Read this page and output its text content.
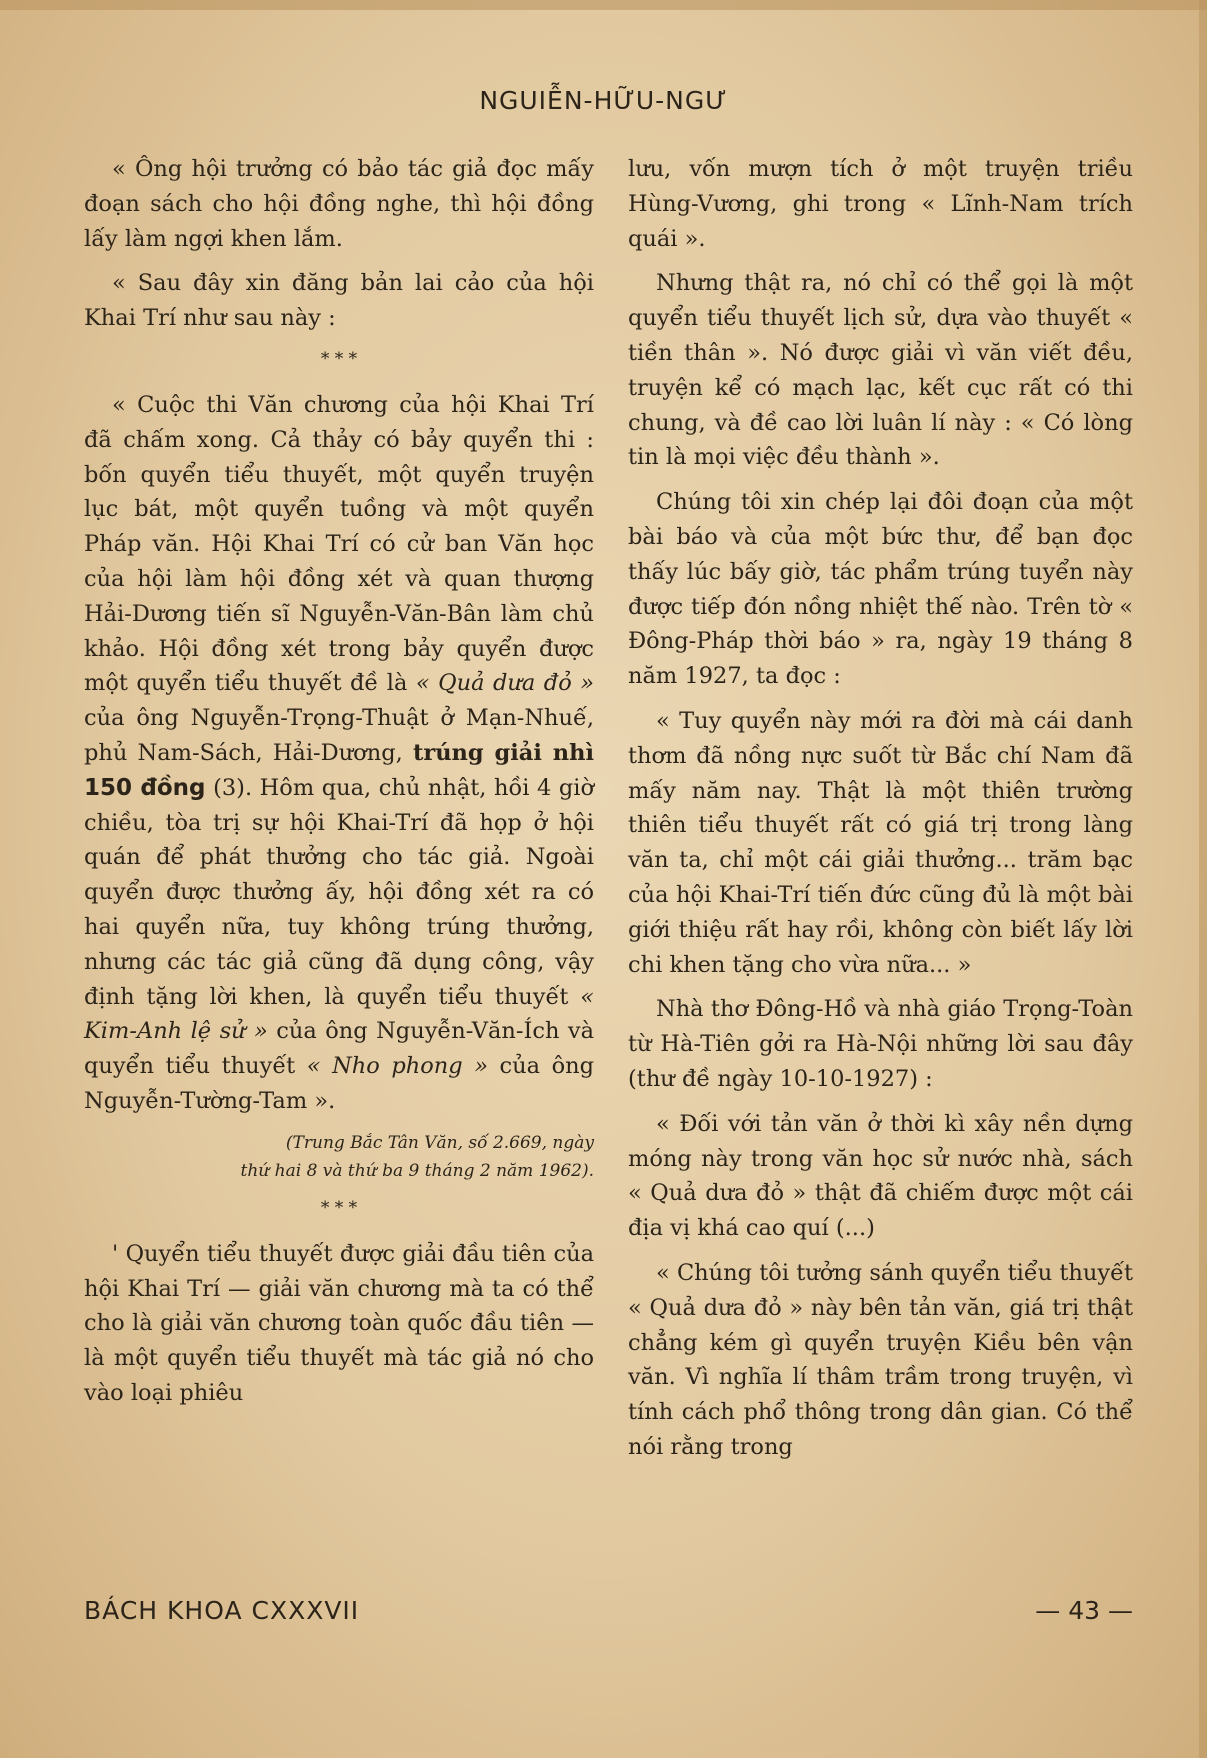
NGUIỄN-HỮU-NGƯ

« Ông hội trưởng có bảo tác giả đọc mấy đoạn sách cho hội đồng nghe, thì hội đồng lấy làm ngợi khen lắm.

« Sau đây xin đăng bản lai cảo của hội Khai Trí như sau này :

* * *

« Cuộc thi Văn chương của hội Khai Trí đã chấm xong. Cả thảy có bảy quyển thi : bốn quyển tiểu thuyết, một quyển truyện lục bát, một quyển tuồng và một quyển Pháp văn. Hội Khai Trí có cử ban Văn học của hội làm hội đồng xét và quan thượng Hải-Dương tiến sĩ Nguyễn-Văn-Bân làm chủ khảo. Hội đồng xét trong bảy quyển được một quyển tiểu thuyết đề là « Quả dưa đỏ » của ông Nguyễn-Trọng-Thuật ở Mạn-Nhuế, phủ Nam-Sách, Hải-Dương, trúng giải nhì 150 đồng (3). Hôm qua, chủ nhật, hồi 4 giờ chiều, tòa trị sự hội Khai-Trí đã họp ở hội quán để phát thưởng cho tác giả. Ngoài quyển được thưởng ấy, hội đồng xét ra có hai quyển nữa, tuy không trúng thưởng, nhưng các tác giả cũng đã dụng công, vậy định tặng lời khen, là quyển tiểu thuyết « Kim-Anh lệ sử » của ông Nguyễn-Văn-Ích và quyển tiểu thuyết « Nho phong » của ông Nguyễn-Tường-Tam ».

(Trung Bắc Tân Văn, số 2.669, ngày
thứ hai 8 và thứ ba 9 tháng 2 năm 1962).
* * *

' Quyển tiểu thuyết được giải đầu tiên của hội Khai Trí — giải văn chương mà ta có thể cho là giải văn chương toàn quốc đầu tiên — là một quyển tiểu thuyết mà tác giả nó cho vào loại phiêu

lưu, vốn mượn tích ở một truyện triều Hùng-Vương, ghi trong « Lĩnh-Nam trích quái ».

Nhưng thật ra, nó chỉ có thể gọi là một quyển tiểu thuyết lịch sử, dựa vào thuyết « tiền thân ». Nó được giải vì văn viết đều, truyện kể có mạch lạc, kết cục rất có thi chung, và đề cao lời luân lí này : « Có lòng tin là mọi việc đều thành ».

Chúng tôi xin chép lại đôi đoạn của một bài báo và của một bức thư, để bạn đọc thấy lúc bấy giờ, tác phẩm trúng tuyển này được tiếp đón nồng nhiệt thế nào. Trên tờ « Đông-Pháp thời báo » ra, ngày 19 tháng 8 năm 1927, ta đọc :

« Tuy quyển này mới ra đời mà cái danh thơm đã nồng nực suốt từ Bắc chí Nam đã mấy năm nay. Thật là một thiên trường thiên tiểu thuyết rất có giá trị trong làng văn ta, chỉ một cái giải thưởng... trăm bạc của hội Khai-Trí tiến đức cũng đủ là một bài giới thiệu rất hay rồi, không còn biết lấy lời chi khen tặng cho vừa nữa... »

Nhà thơ Đông-Hồ và nhà giáo Trọng-Toàn từ Hà-Tiên gởi ra Hà-Nội những lời sau đây (thư đề ngày 10-10-1927) :

« Đối với tản văn ở thời kì xây nền dựng móng này trong văn học sử nước nhà, sách « Quả dưa đỏ » thật đã chiếm được một cái địa vị khá cao quí (...)

« Chúng tôi tưởng sánh quyển tiểu thuyết « Quả dưa đỏ » này bên tản văn, giá trị thật chẳng kém gì quyển truyện Kiều bên vận văn. Vì nghĩa lí thâm trầm trong truyện, vì tính cách phổ thông trong dân gian. Có thể nói rằng trong

BÁCH KHOA CXXXVII	— 43 —
